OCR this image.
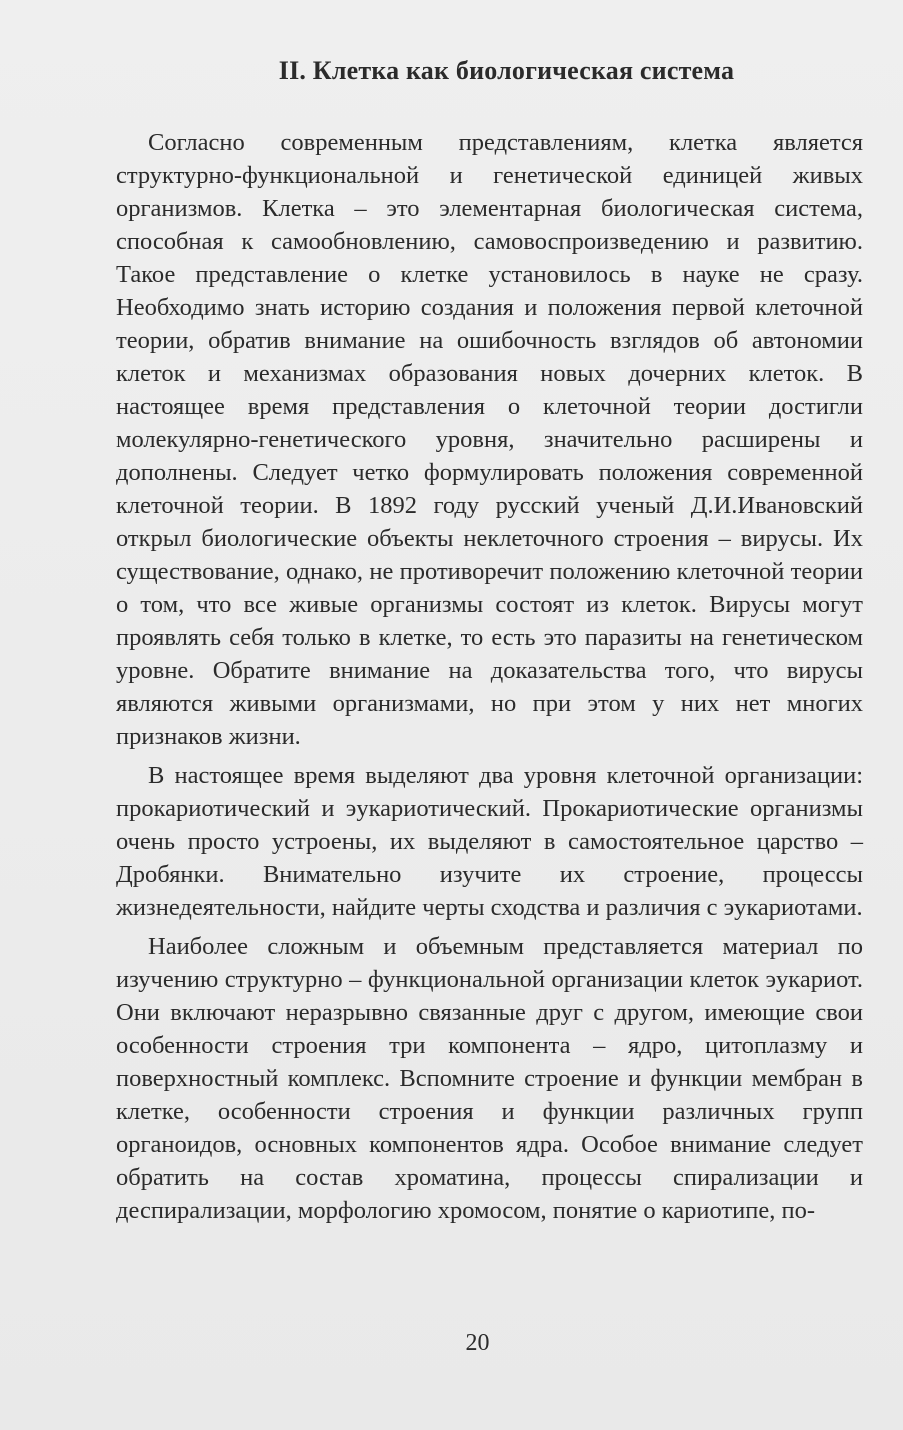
II. Клетка как биологическая система

Согласно современным представлениям, клетка является структурно-функциональной и генетической единицей живых организмов. Клетка – это элементарная биологическая система, способная к самообновлению, самовоспроизведению и развитию. Такое представление о клетке установилось в науке не сразу. Необходимо знать историю создания и положения первой клеточной теории, обратив внимание на ошибочность взглядов об автономии клеток и механизмах образования новых дочерних клеток. В настоящее время представления о клеточной теории достигли молекулярно-генетического уровня, значительно расширены и дополнены. Следует четко формулировать положения современной клеточной теории. В 1892 году русский ученый Д.И.Ивановский открыл биологические объекты неклеточного строения – вирусы. Их существование, однако, не противоречит положению клеточной теории о том, что все живые организмы состоят из клеток. Вирусы могут проявлять себя только в клетке, то есть это паразиты на генетическом уровне. Обратите внимание на доказательства того, что вирусы являются живыми организмами, но при этом у них нет многих признаков жизни.

В настоящее время выделяют два уровня клеточной организации: прокариотический и эукариотический. Прокариотические организмы очень просто устроены, их выделяют в самостоятельное царство – Дробянки. Внимательно изучите их строение, процессы жизнедеятельности, найдите черты сходства и различия с эукариотами.

Наиболее сложным и объемным представляется материал по изучению структурно – функциональной организации клеток эукариот. Они включают неразрывно связанные друг с другом, имеющие свои особенности строения три компонента – ядро, цитоплазму и поверхностный комплекс. Вспомните строение и функции мембран в клетке, особенности строения и функции различных групп органоидов, основных компонентов ядра. Особое внимание следует обратить на состав хроматина, процессы спирализации и деспирализации, морфологию хромосом, понятие о кариотипе, по-

20
